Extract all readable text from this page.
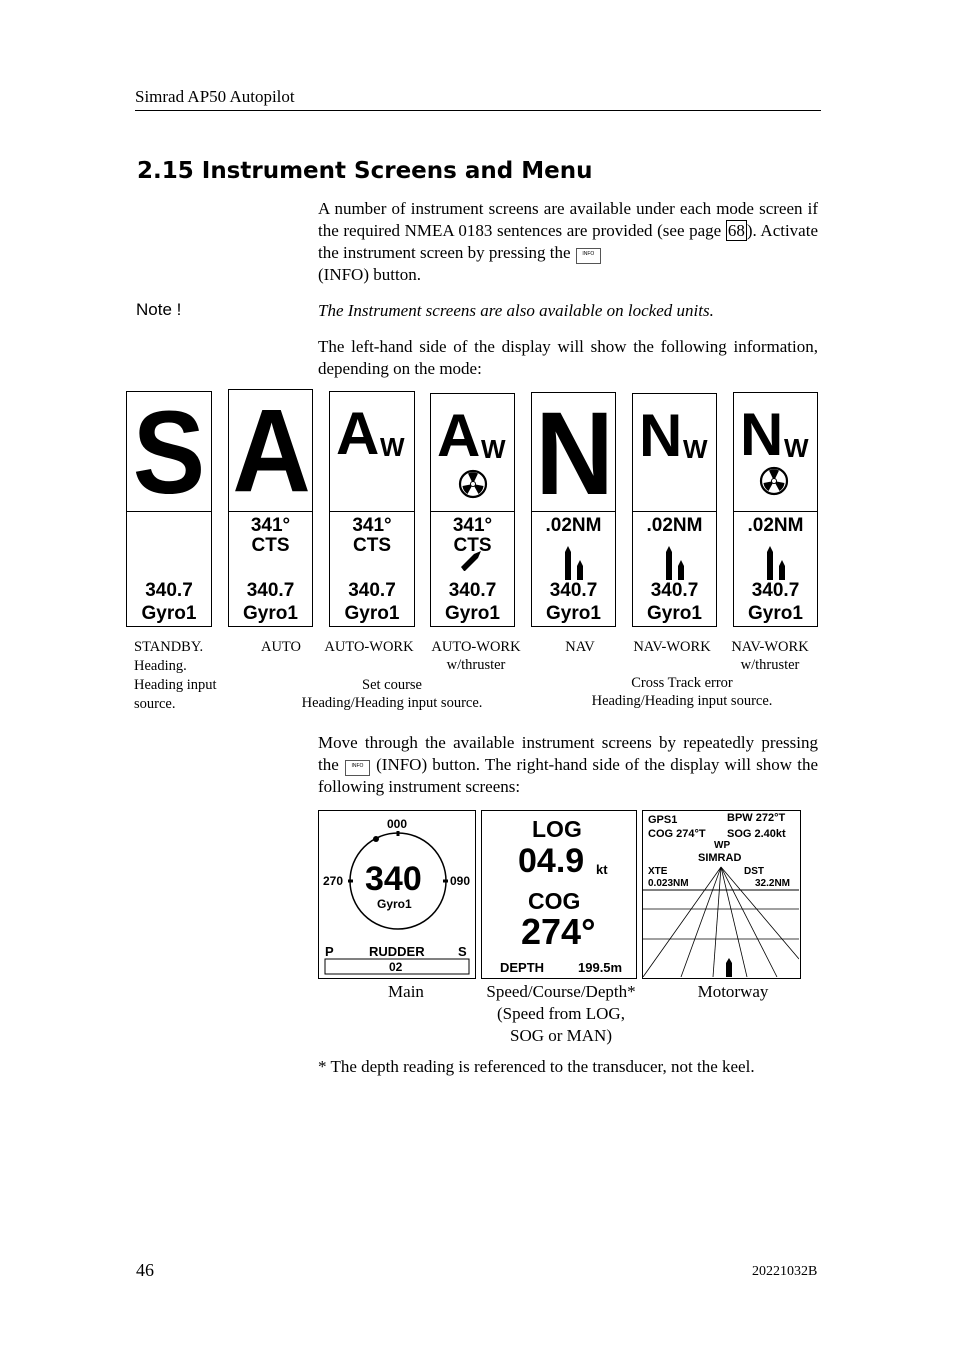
Simrad AP50 Autopilot
2.15 Instrument Screens and Menu
A number of instrument screens are available under each mode screen if the required NMEA 0183 sentences are provided (see page 68 ). Activate the instrument screen by pressing the INFO
(INFO) button.
Note !	The Instrument screens are also available on locked units.
The left-hand side of the display will show the following information, depending on the mode:
S
340.7
Gyro1
A
341°
CTS
340.7
Gyro1
A W
341°
CTS
340.7
Gyro1
A W
341°
CTS
340.7
Gyro1
N
.02NM
340.7
Gyro1
N W
.02NM
340.7
Gyro1
N W
.02NM
340.7
Gyro1
STANDBY.
Heading.
Heading input
source.
AUTO	AUTO-WORK	AUTO-WORK
w/thruster
Set course
Heading/Heading input source.
NAV	NAV-WORK	NAV-WORK
w/thruster
Cross Track error
Heading/Heading input source.
Move through the available instrument screens by repeatedly pressing the	INFO (INFO) button. The right-hand side of the display will show the following instrument screens:
000
270	090
340
Gyro1
P	RUDDER	S
02
Main
LOG
04.9 kt
COG
274°
DEPTH	199.5m
Speed/Course/Depth*
(Speed from LOG,
SOG or MAN)
GPS1	BPW 272°T
COG 274°T SOG 2.40kt
WP
SIMRAD
XTE	DST
0.023NM	32.2NM
Motorway
* The depth reading is referenced to the transducer, not the keel.
46	20221032B
